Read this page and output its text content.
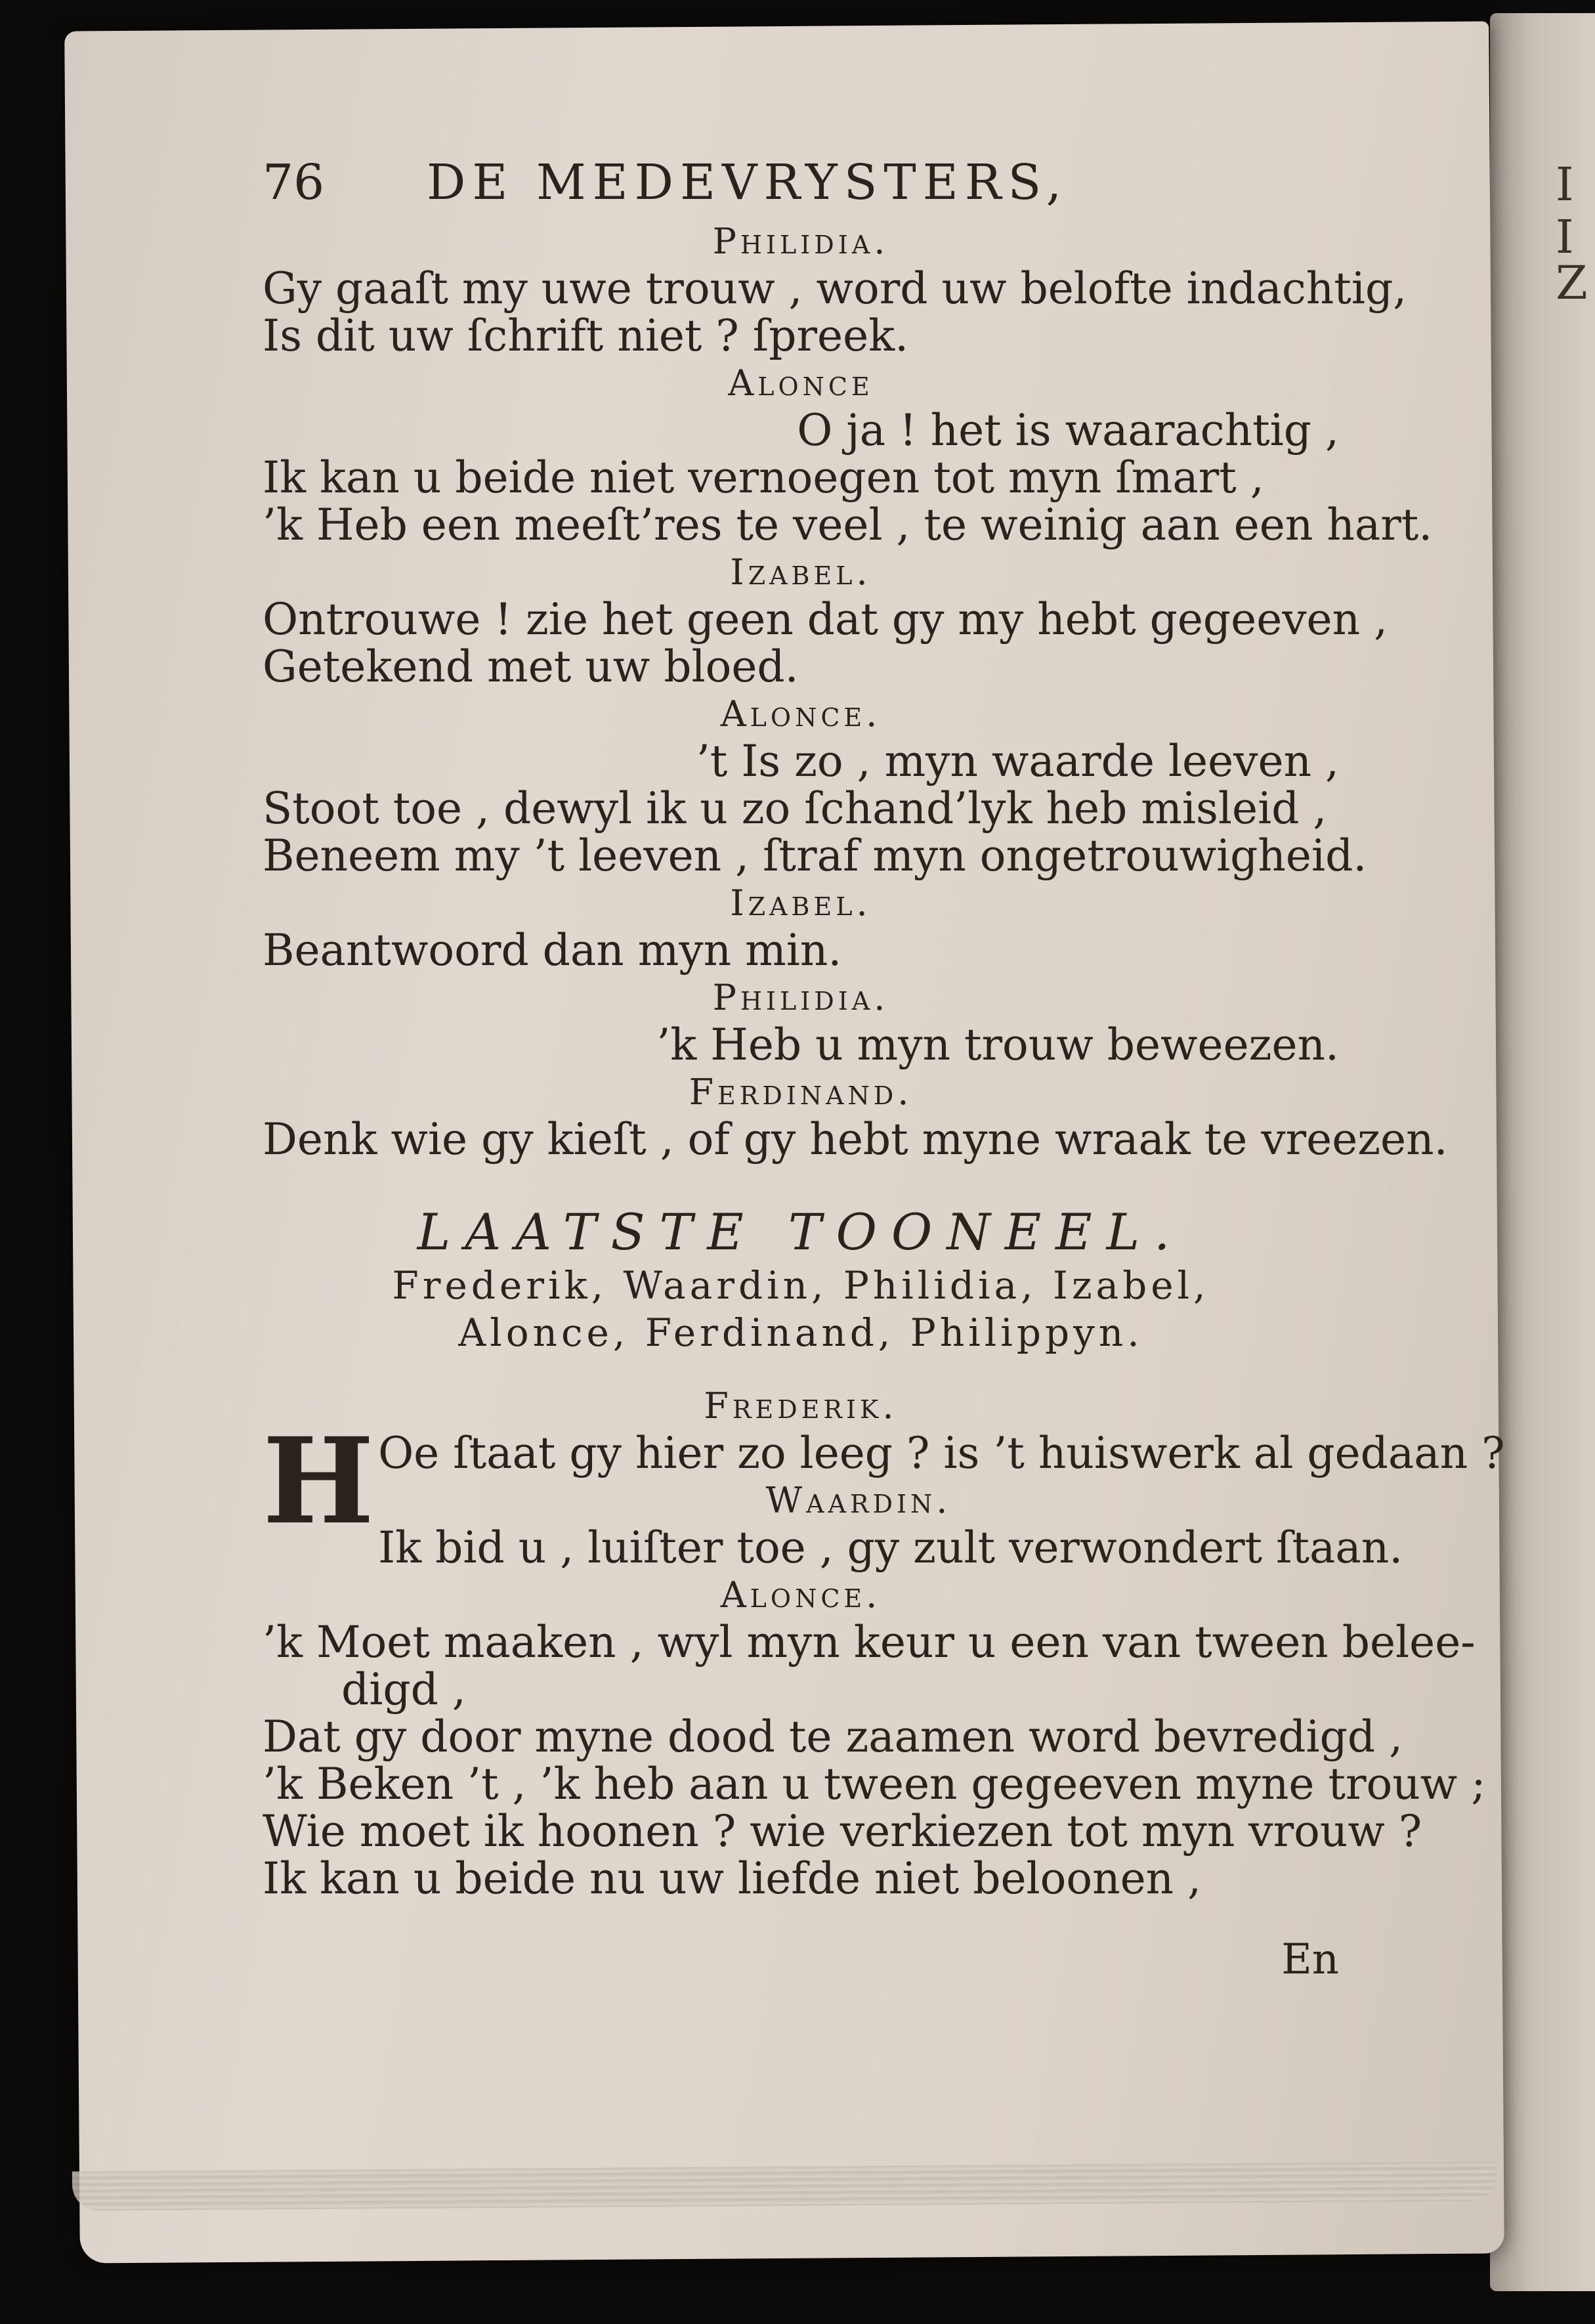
I
I
Z
76	DE MEDEVRYSTERS,
Philidia.
Gy gaaſt my uwe trouw , word uw belofte indachtig,
Is dit uw ſchrift niet ? ſpreek.
Alonce
O ja ! het is waarachtig ,
Ik kan u beide niet vernoegen tot myn ſmart ,
’k Heb een meeſt’res te veel , te weinig aan een hart.
Izabel.
Ontrouwe ! zie het geen dat gy my hebt gegeeven ,
Getekend met uw bloed.
Alonce.
’t Is zo , myn waarde leeven ,
Stoot toe , dewyl ik u zo ſchand’lyk heb misleid ,
Beneem my ’t leeven , ſtraf myn ongetrouwigheid.
Izabel.
Beantwoord dan myn min.
Philidia.
’k Heb u myn trouw beweezen.
Ferdinand.
Denk wie gy kieſt , of gy hebt myne wraak te vreezen.
LAATSTE TOONEEL.
Frederik, Waardin, Philidia, Izabel,
Alonce, Ferdinand, Philippyn.
Frederik.
H Oe ſtaat gy hier zo leeg ? is ’t huiswerk al gedaan ?
Waardin.
Ik bid u , luiſter toe , gy zult verwondert ſtaan.
Alonce.
’k Moet maaken , wyl myn keur u een van tween belee-
digd ,
Dat gy door myne dood te zaamen word bevredigd ,
’k Beken ’t , ’k heb aan u tween gegeeven myne trouw ;
Wie moet ik hoonen ? wie verkiezen tot myn vrouw ?
Ik kan u beide nu uw liefde niet beloonen ,
En
